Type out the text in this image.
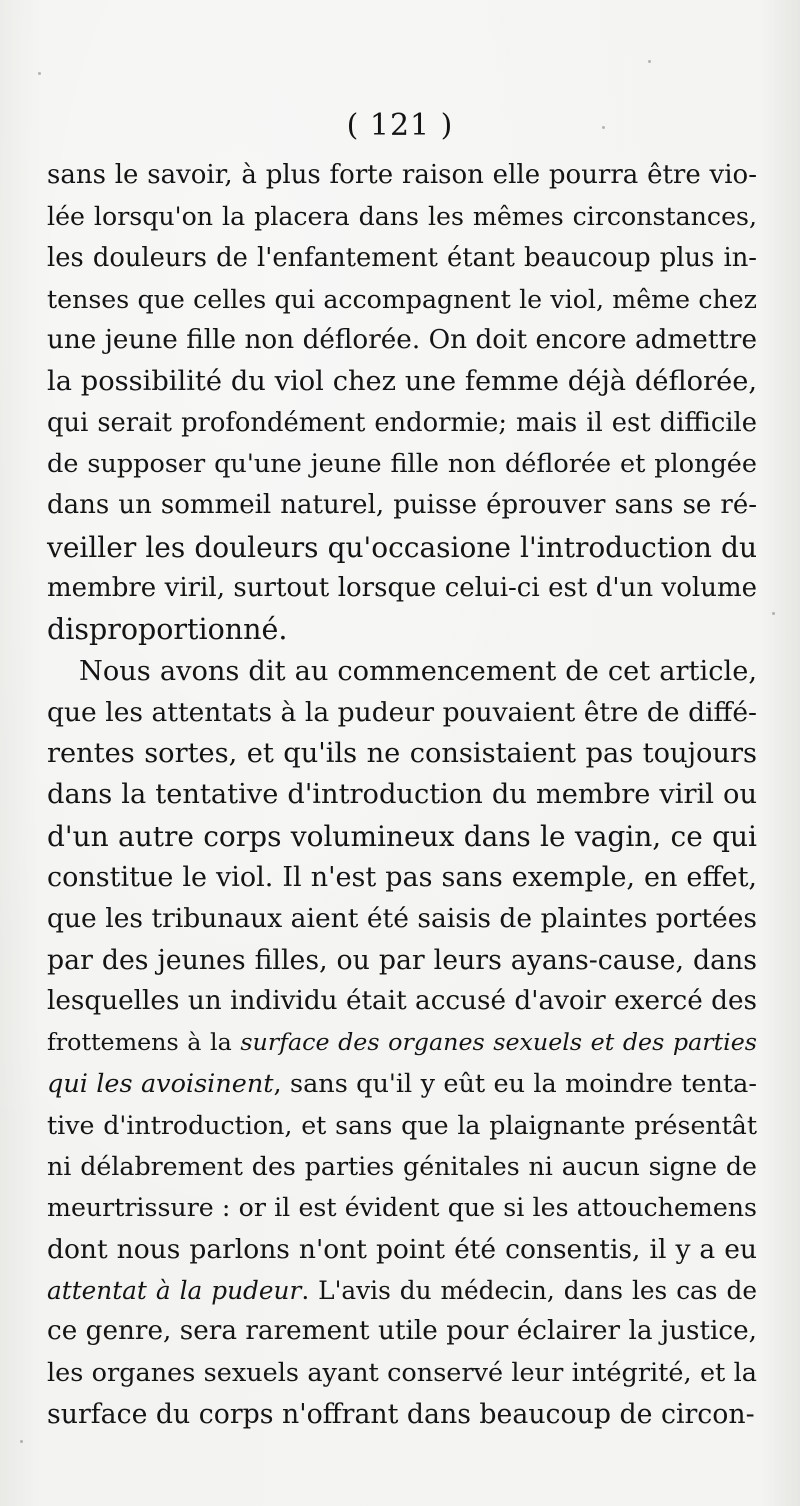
( 121 )
sans le savoir, à plus forte raison elle pourra être vio-
lée lorsqu'on la placera dans les mêmes circonstances,
les douleurs de l'enfantement étant beaucoup plus in-
tenses que celles qui accompagnent le viol, même chez
une jeune fille non déflorée. On doit encore admettre
la possibilité du viol chez une femme déjà déflorée,
qui serait profondément endormie; mais il est difficile
de supposer qu'une jeune fille non déflorée et plongée
dans un sommeil naturel, puisse éprouver sans se ré-
veiller les douleurs qu'occasione l'introduction du
membre viril, surtout lorsque celui-ci est d'un volume
disproportionné.
Nous avons dit au commencement de cet article,
que les attentats à la pudeur pouvaient être de diffé-
rentes sortes, et qu'ils ne consistaient pas toujours
dans la tentative d'introduction du membre viril ou
d'un autre corps volumineux dans le vagin, ce qui
constitue le viol. Il n'est pas sans exemple, en effet,
que les tribunaux aient été saisis de plaintes portées
par des jeunes filles, ou par leurs ayans-cause, dans
lesquelles un individu était accusé d'avoir exercé des
frottemens à la surface des organes sexuels et des parties
qui les avoisinent, sans qu'il y eût eu la moindre tenta-
tive d'introduction, et sans que la plaignante présentât
ni délabrement des parties génitales ni aucun signe de
meurtrissure : or il est évident que si les attouchemens
dont nous parlons n'ont point été consentis, il y a eu
attentat à la pudeur. L'avis du médecin, dans les cas de
ce genre, sera rarement utile pour éclairer la justice,
les organes sexuels ayant conservé leur intégrité, et la
surface du corps n'offrant dans beaucoup de circon-
